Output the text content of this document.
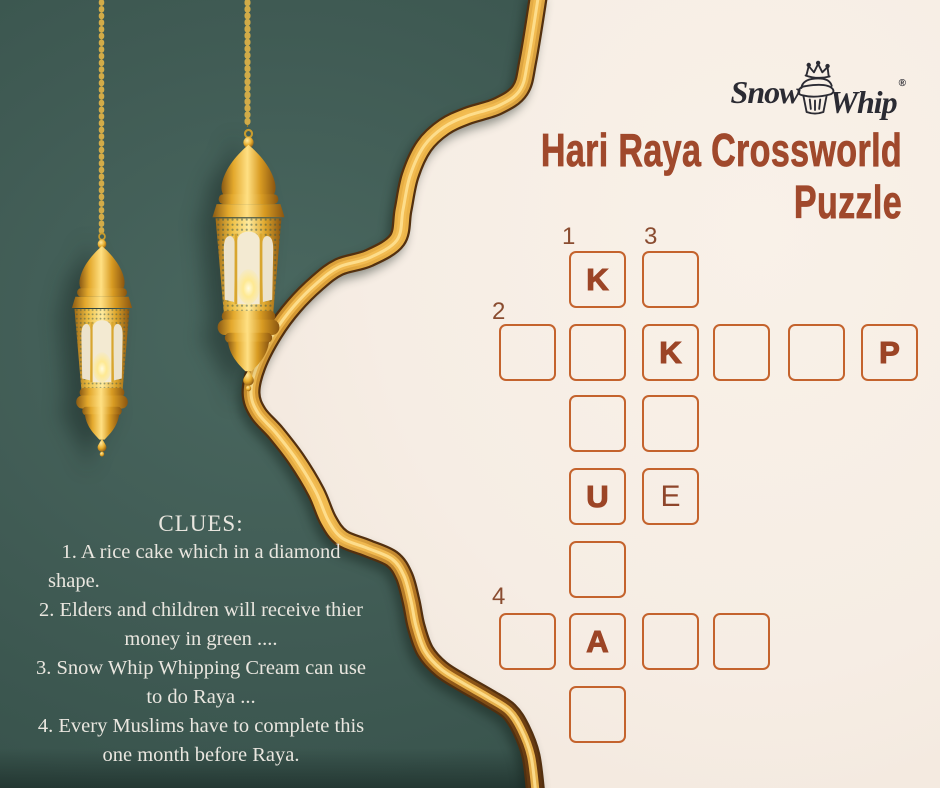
Snow Whip
®
Hari Raya Crossworld
Puzzle
CLUES:
1. A rice cake which in a diamond
shape.
2. Elders and children will receive thier
money in green ....
3. Snow Whip Whipping Cream can use
to do Raya ...
4. Every Muslims have to complete this
one month before Raya.
K
K	P
U E
A
1	3
2
4
